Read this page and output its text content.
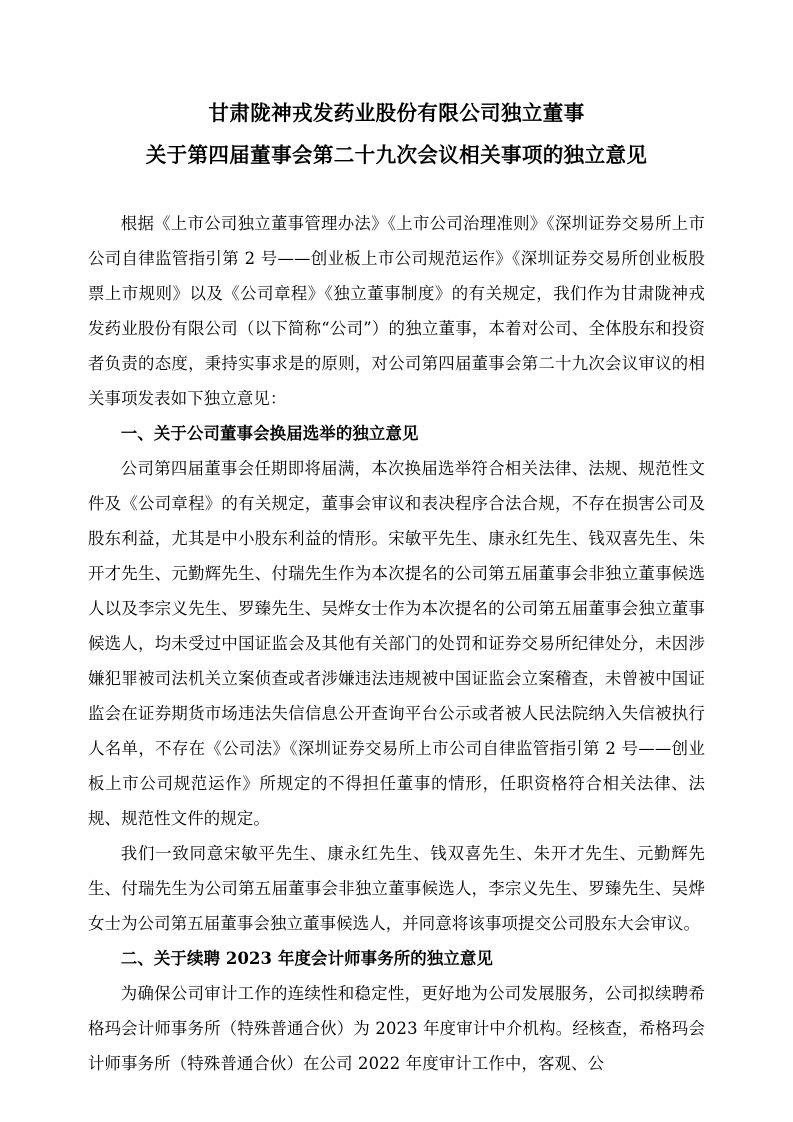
甘肃陇神戎发药业股份有限公司独立董事
关于第四届董事会第二十九次会议相关事项的独立意见

根据《上市公司独立董事管理办法》《上市公司治理准则》《深圳证券交易所上市公司自律监管指引第 2 号——创业板上市公司规范运作》《深圳证券交易所创业板股票上市规则》以及《公司章程》《独立董事制度》的有关规定，我们作为甘肃陇神戎发药业股份有限公司（以下简称“公司”）的独立董事，本着对公司、全体股东和投资者负责的态度，秉持实事求是的原则，对公司第四届董事会第二十九次会议审议的相关事项发表如下独立意见：

一、关于公司董事会换届选举的独立意见

公司第四届董事会任期即将届满，本次换届选举符合相关法律、法规、规范性文件及《公司章程》的有关规定，董事会审议和表决程序合法合规，不存在损害公司及股东利益，尤其是中小股东利益的情形。宋敏平先生、康永红先生、钱双喜先生、朱开才先生、元勤辉先生、付瑞先生作为本次提名的公司第五届董事会非独立董事候选人以及李宗义先生、罗臻先生、吴烨女士作为本次提名的公司第五届董事会独立董事候选人，均未受过中国证监会及其他有关部门的处罚和证券交易所纪律处分，未因涉嫌犯罪被司法机关立案侦查或者涉嫌违法违规被中国证监会立案稽查，未曾被中国证监会在证券期货市场违法失信信息公开查询平台公示或者被人民法院纳入失信被执行人名单，不存在《公司法》《深圳证券交易所上市公司自律监管指引第 2 号——创业板上市公司规范运作》所规定的不得担任董事的情形，任职资格符合相关法律、法规、规范性文件的规定。

我们一致同意宋敏平先生、康永红先生、钱双喜先生、朱开才先生、元勤辉先生、付瑞先生为公司第五届董事会非独立董事候选人，李宗义先生、罗臻先生、吴烨女士为公司第五届董事会独立董事候选人，并同意将该事项提交公司股东大会审议。

二、关于续聘 2023 年度会计师事务所的独立意见

为确保公司审计工作的连续性和稳定性，更好地为公司发展服务，公司拟续聘希格玛会计师事务所（特殊普通合伙）为 2023 年度审计中介机构。经核查，希格玛会计师事务所（特殊普通合伙）在公司 2022 年度审计工作中，客观、公
